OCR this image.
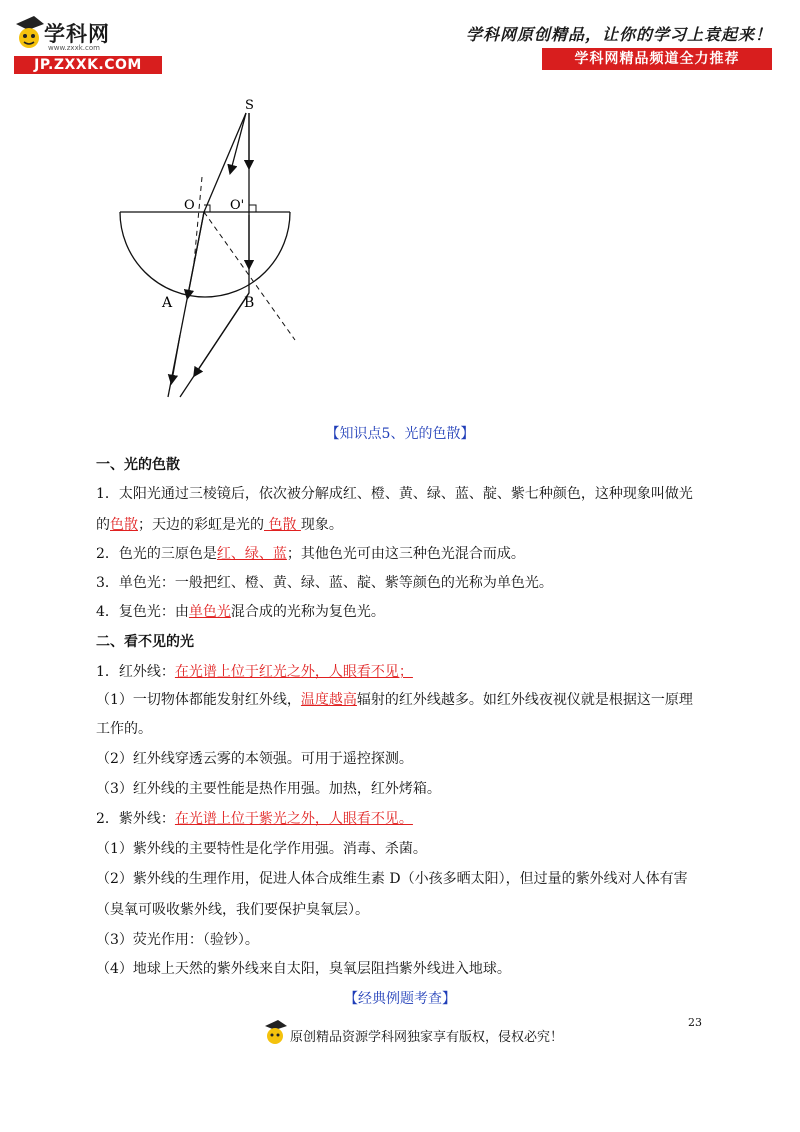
学科网
www.zxxk.com
JP.ZXXK.COM
学科网原创精品，让你的学习上袁起来！
学科网精品频道全力推荐
S
O	O'
A	B
【知识点5、光的色散】
一、光的色散
1．太阳光通过三棱镜后，依次被分解成红、橙、黄、绿、蓝、靛、紫七种颜色，这种现象叫做光
的色散；天边的彩虹是光的 色散 现象。
2．色光的三原色是红、绿、蓝；其他色光可由这三种色光混合而成。
3．单色光：一般把红、橙、黄、绿、蓝、靛、紫等颜色的光称为单色光。
4．复色光：由单色光混合成的光称为复色光。
二、看不见的光
1．红外线：在光谱上位于红光之外，人眼看不见；
（1）一切物体都能发射红外线，温度越高辐射的红外线越多。如红外线夜视仪就是根据这一原理
工作的。
（2）红外线穿透云雾的本领强。可用于遥控探测。
（3）红外线的主要性能是热作用强。加热，红外烤箱。
2．紫外线：在光谱上位于紫光之外，人眼看不见。
（1）紫外线的主要特性是化学作用强。消毒、杀菌。
（2）紫外线的生理作用，促进人体合成维生素 D（小孩多晒太阳），但过量的紫外线对人体有害
（臭氧可吸收紫外线，我们要保护臭氧层）。
（3）荧光作用：（验钞）。
（4）地球上天然的紫外线来自太阳，臭氧层阻挡紫外线进入地球。
【经典例题考查】
23
原创精品资源学科网独家享有版权，侵权必究！
